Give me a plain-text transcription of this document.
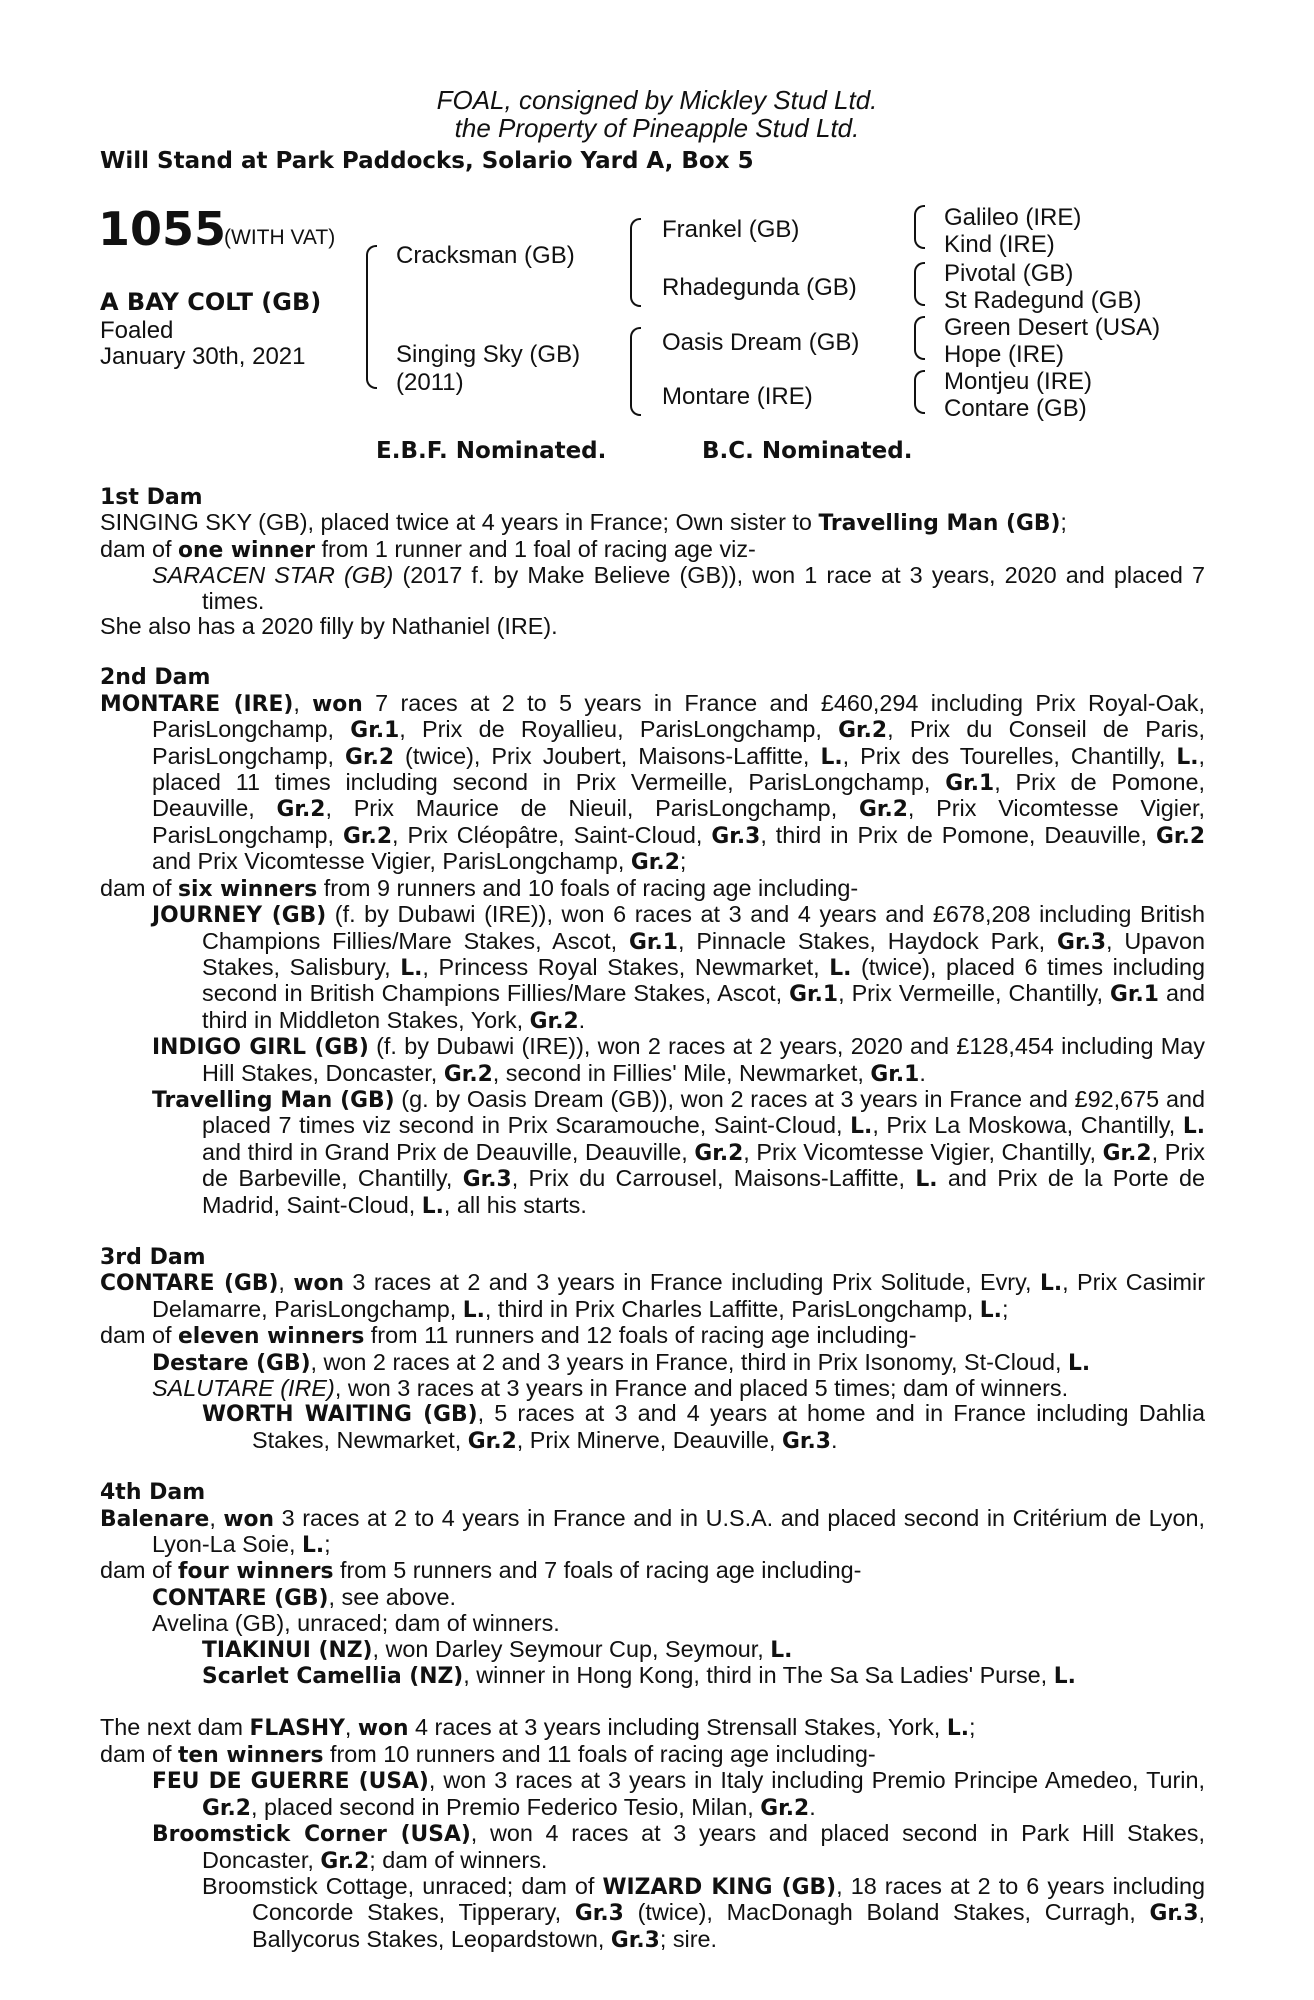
FOAL, consigned by Mickley Stud Ltd.
the Property of Pineapple Stud Ltd.
Will Stand at Park Paddocks, Solario Yard A, Box 5
1055
(WITH VAT)
A BAY COLT (GB)
Foaled
January 30th, 2021
Cracksman (GB)
Singing Sky (GB)
(2011)
Frankel (GB)
Rhadegunda (GB)
Oasis Dream (GB)
Montare (IRE)
Galileo (IRE)
Kind (IRE)
Pivotal (GB)
St Radegund (GB)
Green Desert (USA)
Hope (IRE)
Montjeu (IRE)
Contare (GB)
E.B.F. Nominated.	B.C. Nominated.
1st Dam
SINGING SKY (GB), placed twice at 4 years in France; Own sister to Travelling Man (GB);
dam of one winner from 1 runner and 1 foal of racing age viz-
SARACEN STAR (GB) (2017 f. by Make Believe (GB)), won 1 race at 3 years, 2020 and placed 7 times.
She also has a 2020 filly by Nathaniel (IRE).
2nd Dam
MONTARE (IRE), won 7 races at 2 to 5 years in France and £460,294 including Prix Royal-Oak, ParisLongchamp, Gr.1, Prix de Royallieu, ParisLongchamp, Gr.2, Prix du Conseil de Paris, ParisLongchamp, Gr.2 (twice), Prix Joubert, Maisons-Laffitte, L., Prix des Tourelles, Chantilly, L., placed 11 times including second in Prix Vermeille, ParisLongchamp, Gr.1, Prix de Pomone, Deauville, Gr.2, Prix Maurice de Nieuil, ParisLongchamp, Gr.2, Prix Vicomtesse Vigier, ParisLongchamp, Gr.2, Prix Cléopâtre, Saint-Cloud, Gr.3, third in Prix de Pomone, Deauville, Gr.2 and Prix Vicomtesse Vigier, ParisLongchamp, Gr.2;
dam of six winners from 9 runners and 10 foals of racing age including-
JOURNEY (GB) (f. by Dubawi (IRE)), won 6 races at 3 and 4 years and £678,208 including British Champions Fillies/Mare Stakes, Ascot, Gr.1, Pinnacle Stakes, Haydock Park, Gr.3, Upavon Stakes, Salisbury, L., Princess Royal Stakes, Newmarket, L. (twice), placed 6 times including second in British Champions Fillies/Mare Stakes, Ascot, Gr.1, Prix Vermeille, Chantilly, Gr.1 and third in Middleton Stakes, York, Gr.2.
INDIGO GIRL (GB) (f. by Dubawi (IRE)), won 2 races at 2 years, 2020 and £128,454 including May Hill Stakes, Doncaster, Gr.2, second in Fillies' Mile, Newmarket, Gr.1.
Travelling Man (GB) (g. by Oasis Dream (GB)), won 2 races at 3 years in France and £92,675 and placed 7 times viz second in Prix Scaramouche, Saint-Cloud, L., Prix La Moskowa, Chantilly, L. and third in Grand Prix de Deauville, Deauville, Gr.2, Prix Vicomtesse Vigier, Chantilly, Gr.2, Prix de Barbeville, Chantilly, Gr.3, Prix du Carrousel, Maisons-Laffitte, L. and Prix de la Porte de Madrid, Saint-Cloud, L., all his starts.
3rd Dam
CONTARE (GB), won 3 races at 2 and 3 years in France including Prix Solitude, Evry, L., Prix Casimir Delamarre, ParisLongchamp, L., third in Prix Charles Laffitte, ParisLongchamp, L.;
dam of eleven winners from 11 runners and 12 foals of racing age including-
Destare (GB), won 2 races at 2 and 3 years in France, third in Prix Isonomy, St-Cloud, L.
SALUTARE (IRE), won 3 races at 3 years in France and placed 5 times; dam of winners.
WORTH WAITING (GB), 5 races at 3 and 4 years at home and in France including Dahlia Stakes, Newmarket, Gr.2, Prix Minerve, Deauville, Gr.3.
4th Dam
Balenare, won 3 races at 2 to 4 years in France and in U.S.A. and placed second in Critérium de Lyon, Lyon-La Soie, L.;
dam of four winners from 5 runners and 7 foals of racing age including-
CONTARE (GB), see above.
Avelina (GB), unraced; dam of winners.
TIAKINUI (NZ), won Darley Seymour Cup, Seymour, L.
Scarlet Camellia (NZ), winner in Hong Kong, third in The Sa Sa Ladies' Purse, L.
The next dam FLASHY, won 4 races at 3 years including Strensall Stakes, York, L.;
dam of ten winners from 10 runners and 11 foals of racing age including-
FEU DE GUERRE (USA), won 3 races at 3 years in Italy including Premio Principe Amedeo, Turin, Gr.2, placed second in Premio Federico Tesio, Milan, Gr.2.
Broomstick Corner (USA), won 4 races at 3 years and placed second in Park Hill Stakes, Doncaster, Gr.2; dam of winners.
Broomstick Cottage, unraced; dam of WIZARD KING (GB), 18 races at 2 to 6 years including Concorde Stakes, Tipperary, Gr.3 (twice), MacDonagh Boland Stakes, Curragh, Gr.3, Ballycorus Stakes, Leopardstown, Gr.3; sire.
